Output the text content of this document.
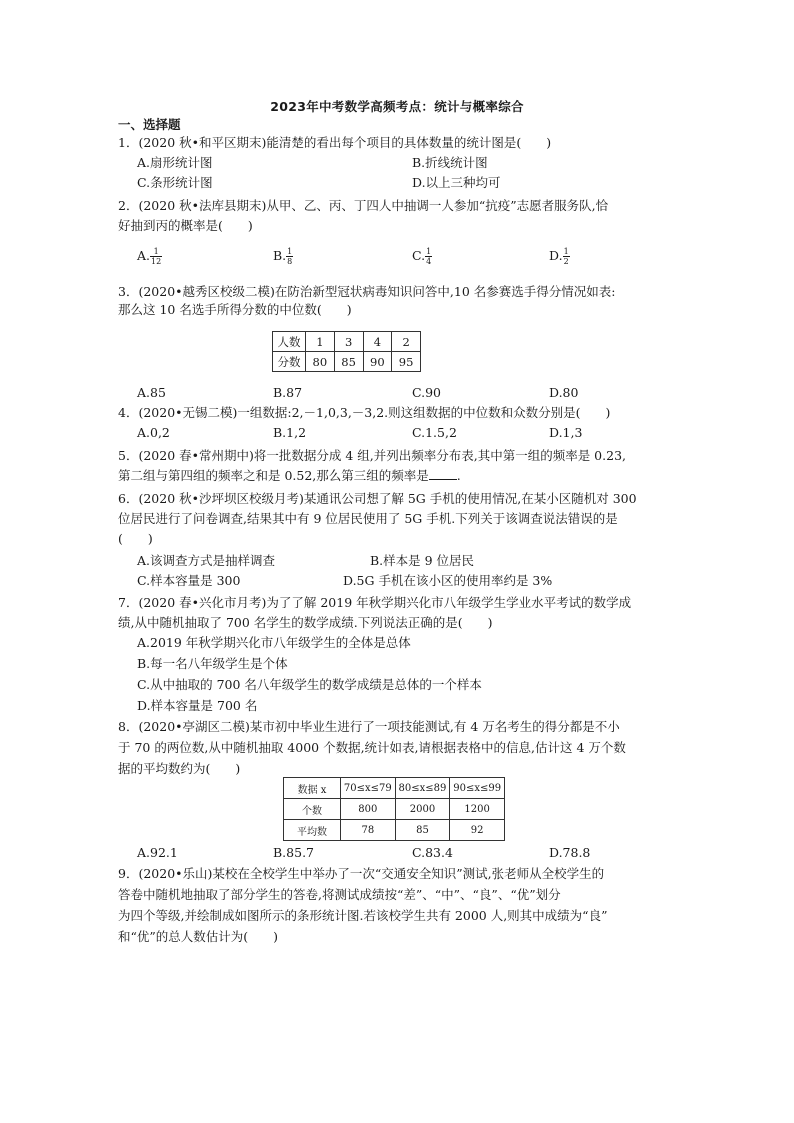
2023年中考数学高频考点：统计与概率综合
一、选择题
1．(2020 秋•和平区期末)能清楚的看出每个项目的具体数量的统计图是(　　)
A.扇形统计图	B.折线统计图
C.条形统计图	D.以上三种均可
2．(2020 秋•法库县期末)从甲、乙、丙、丁四人中抽调一人参加“抗疫”志愿者服务队,恰
好抽到丙的概率是(　　)
A. $\frac{1}{12}$	B. $\frac{1}{8}$	C. $\frac{1}{4}$	D. $\frac{1}{2}$
3．(2020•越秀区校级二模)在防治新型冠状病毒知识问答中,10 名参赛选手得分情况如表:
那么这 10 名选手所得分数的中位数(　　)
人数	1	3	4	2
分数	80	85	90	95
A.85	B.87	C.90	D.80
4．(2020•无锡二模)一组数据:2,－1,0,3,－3,2.则这组数据的中位数和众数分别是(　　)
A.0,2	B.1,2	C.1.5,2	D.1,3
5．(2020 春•常州期中)将一批数据分成 4 组,并列出频率分布表,其中第一组的频率是 0.23,
第二组与第四组的频率之和是 0.52,那么第三组的频率是 .
6．(2020 秋•沙坪坝区校级月考)某通讯公司想了解 5G 手机的使用情况,在某小区随机对 300
位居民进行了问卷调查,结果其中有 9 位居民使用了 5G 手机.下列关于该调查说法错误的是
(　　)
A.该调查方式是抽样调查	B.样本是 9 位居民
C.样本容量是 300	D.5G 手机在该小区的使用率约是 3%
7．(2020 春•兴化市月考)为了了解 2019 年秋学期兴化市八年级学生学业水平考试的数学成
绩,从中随机抽取了 700 名学生的数学成绩.下列说法正确的是(　　)
A.2019 年秋学期兴化市八年级学生的全体是总体
B.每一名八年级学生是个体
C.从中抽取的 700 名八年级学生的数学成绩是总体的一个样本
D.样本容量是 700 名
8．(2020•亭湖区二模)某市初中毕业生进行了一项技能测试,有 4 万名考生的得分都是不小
于 70 的两位数,从中随机抽取 4000 个数据,统计如表,请根据表格中的信息,估计这 4 万个数
据的平均数约为(　　)
数据 x	70≤x≤79	80≤x≤89	90≤x≤99
个数	800	2000	1200
平均数	78	85	92
A.92.1	B.85.7	C.83.4	D.78.8
9．(2020•乐山)某校在全校学生中举办了一次“交通安全知识”测试,张老师从全校学生的
答卷中随机地抽取了部分学生的答卷,将测试成绩按“差”、“中”、“良”、“优”划分
为四个等级,并绘制成如图所示的条形统计图.若该校学生共有 2000 人,则其中成绩为“良”
和“优”的总人数估计为(　　)
